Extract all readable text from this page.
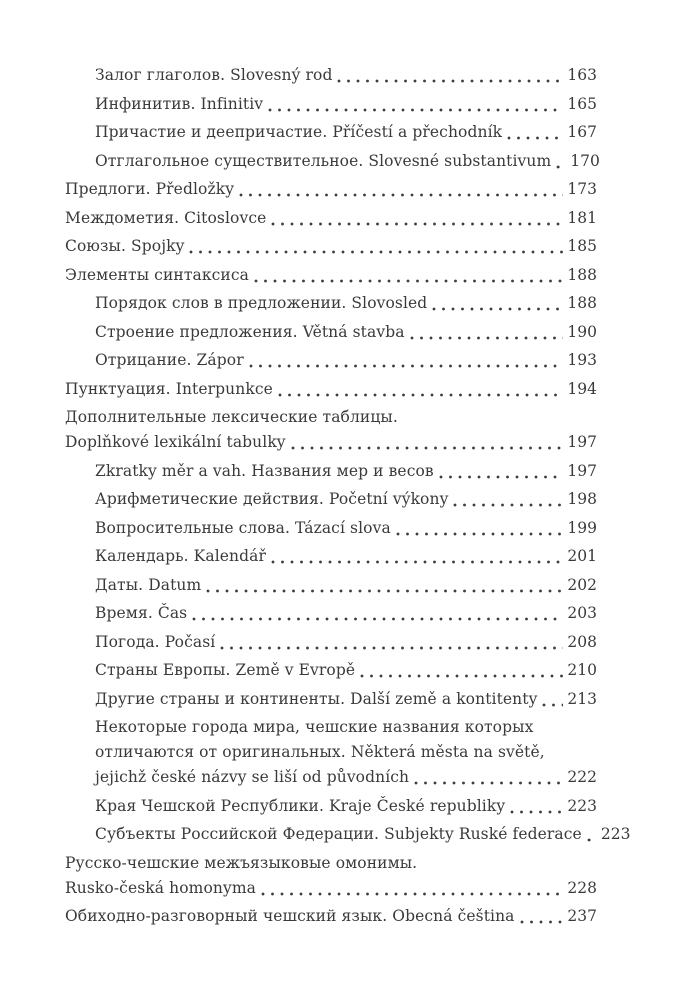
Залог глаголов. Slovesný rod	163
Инфинитив. Infinitiv	165
Причастие и деепричастие. Příčestí a přechodník	167
Отглагольное существительное. Slovesné substantivum 170
Предлоги. Předložky	173
Междометия. Citoslovce	181
Союзы. Spojky	185
Элементы синтаксиса	188
Порядок слов в предложении. Slovosled	188
Строение предложения. Větná stavba	190
Отрицание. Zápor	193
Пунктуация. Interpunkce	194
Дополнительные лексические таблицы.
Doplňkové lexikální tabulky	197
Zkratky měr a vah. Названия мер и весов	197
Арифметические действия. Početní výkony	198
Вопросительные слова. Tázací slova	199
Календарь. Kalendář	201
Даты. Datum	202
Время. Čas	203
Погода. Počasí	208
Страны Европы. Země v Evropě	210
Другие страны и континенты. Další země a kontitenty 213
Некоторые города мира, чешские названия которых
отличаются от оригинальных. Některá města na světě,
jejichž české názvy se liší od původních	222
Края Чешской Республики. Kraje České republiky	223
Субъекты Российской Федерации. Subjekty Ruské federace 223
Русско-чешские межъязыковые омонимы.
Rusko-česká homonyma	228
Обиходно-разговорный чешский язык. Obecná čeština	237
